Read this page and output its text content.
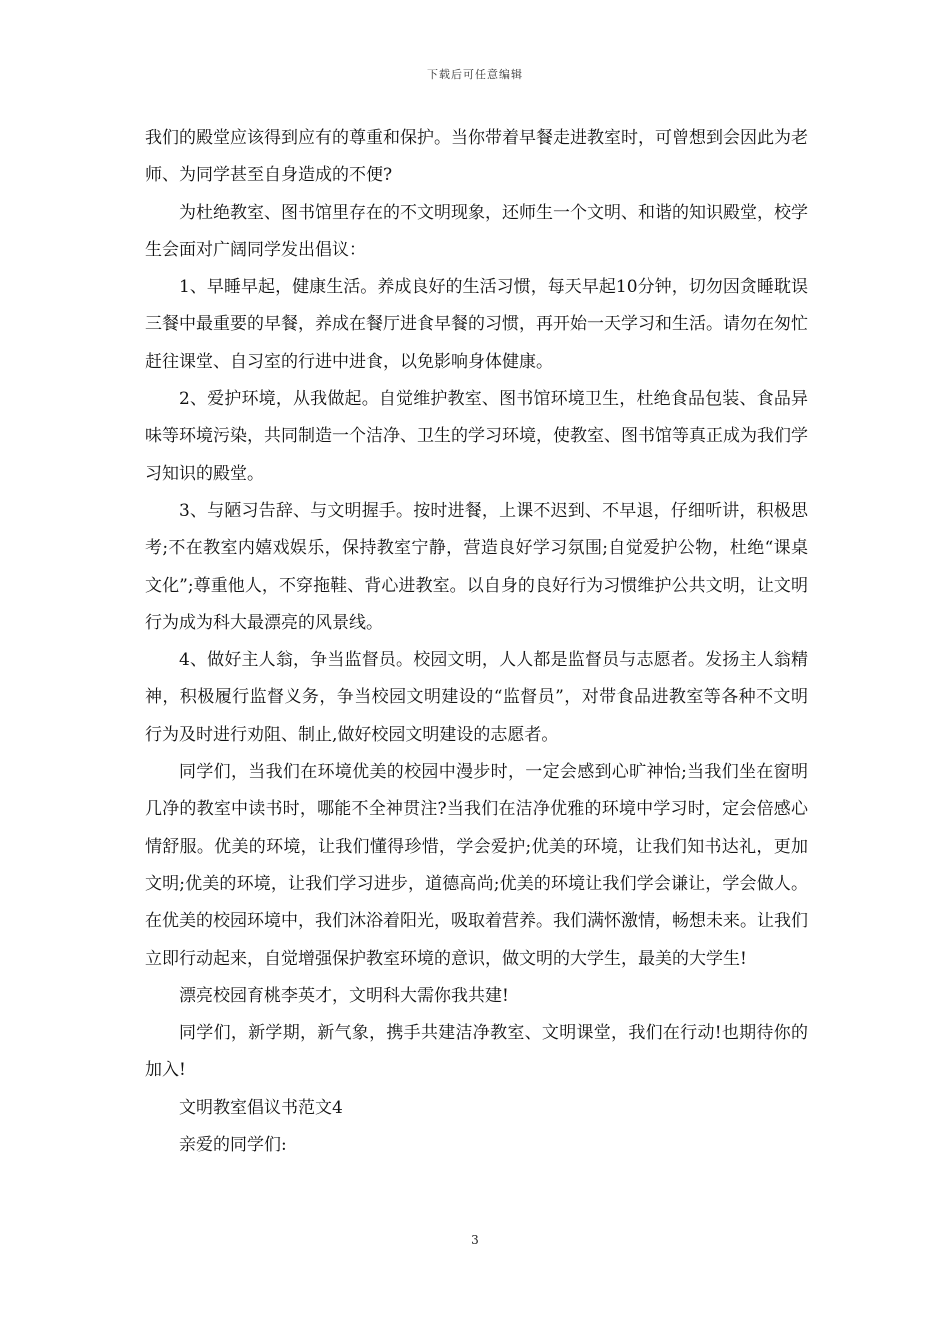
下载后可任意编辑

我们的殿堂应该得到应有的尊重和保护。当你带着早餐走进教室时，可曾想到会因此为老师、为同学甚至自身造成的不便?

为杜绝教室、图书馆里存在的不文明现象，还师生一个文明、和谐的知识殿堂，校学生会面对广阔同学发出倡议：

1、早睡早起，健康生活。养成良好的生活习惯，每天早起10分钟，切勿因贪睡耽误三餐中最重要的早餐，养成在餐厅进食早餐的习惯，再开始一天学习和生活。请勿在匆忙赶往课堂、自习室的行进中进食，以免影响身体健康。

2、爱护环境，从我做起。自觉维护教室、图书馆环境卫生，杜绝食品包装、食品异味等环境污染，共同制造一个洁净、卫生的学习环境，使教室、图书馆等真正成为我们学习知识的殿堂。

3、与陋习告辞、与文明握手。按时进餐，上课不迟到、不早退，仔细听讲，积极思考;不在教室内嬉戏娱乐，保持教室宁静，营造良好学习氛围;自觉爱护公物，杜绝“课桌文化”;尊重他人，不穿拖鞋、背心进教室。以自身的良好行为习惯维护公共文明，让文明行为成为科大最漂亮的风景线。

4、做好主人翁，争当监督员。校园文明，人人都是监督员与志愿者。发扬主人翁精神，积极履行监督义务，争当校园文明建设的“监督员”，对带食品进教室等各种不文明行为及时进行劝阻、制止,做好校园文明建设的志愿者。

同学们，当我们在环境优美的校园中漫步时，一定会感到心旷神怡;当我们坐在窗明几净的教室中读书时，哪能不全神贯注?当我们在洁净优雅的环境中学习时，定会倍感心情舒服。优美的环境，让我们懂得珍惜，学会爱护;优美的环境，让我们知书达礼，更加文明;优美的环境，让我们学习进步，道德高尚;优美的环境让我们学会谦让，学会做人。在优美的校园环境中，我们沐浴着阳光，吸取着营养。我们满怀激情，畅想未来。让我们立即行动起来，自觉增强保护教室环境的意识，做文明的大学生，最美的大学生!

漂亮校园育桃李英才，文明科大需你我共建!

同学们，新学期，新气象，携手共建洁净教室、文明课堂，我们在行动!也期待你的加入!

文明教室倡议书范文4

亲爱的同学们:

3
